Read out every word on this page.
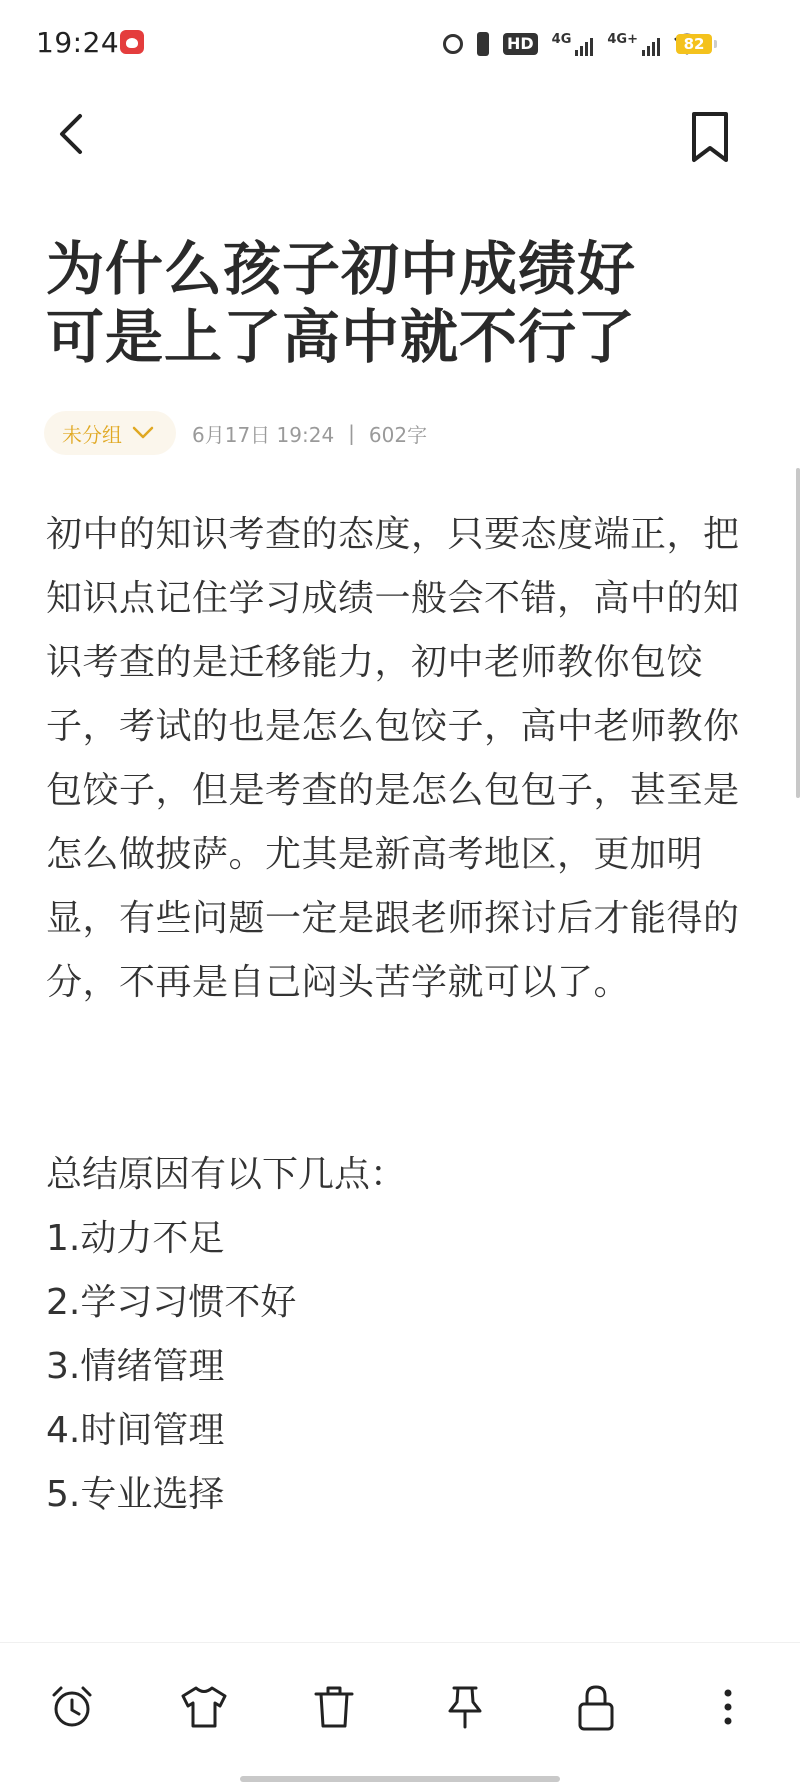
19:24	HD	4G	4G+	82
为什么孩子初中成绩好
可是上了高中就不行了
未分组	6月17日 19:24 | 602字

初中的知识考查的态度，只要态度端正，把知识点记住学习成绩一般会不错，高中的知识考查的是迁移能力，初中老师教你包饺子，考试的也是怎么包饺子，高中老师教你包饺子，但是考查的是怎么包包子，甚至是怎么做披萨。尤其是新高考地区，更加明显，有些问题一定是跟老师探讨后才能得的分，不再是自己闷头苦学就可以了。

总结原因有以下几点：

1.动力不足

2.学习习惯不好

3.情绪管理

4.时间管理

5.专业选择
